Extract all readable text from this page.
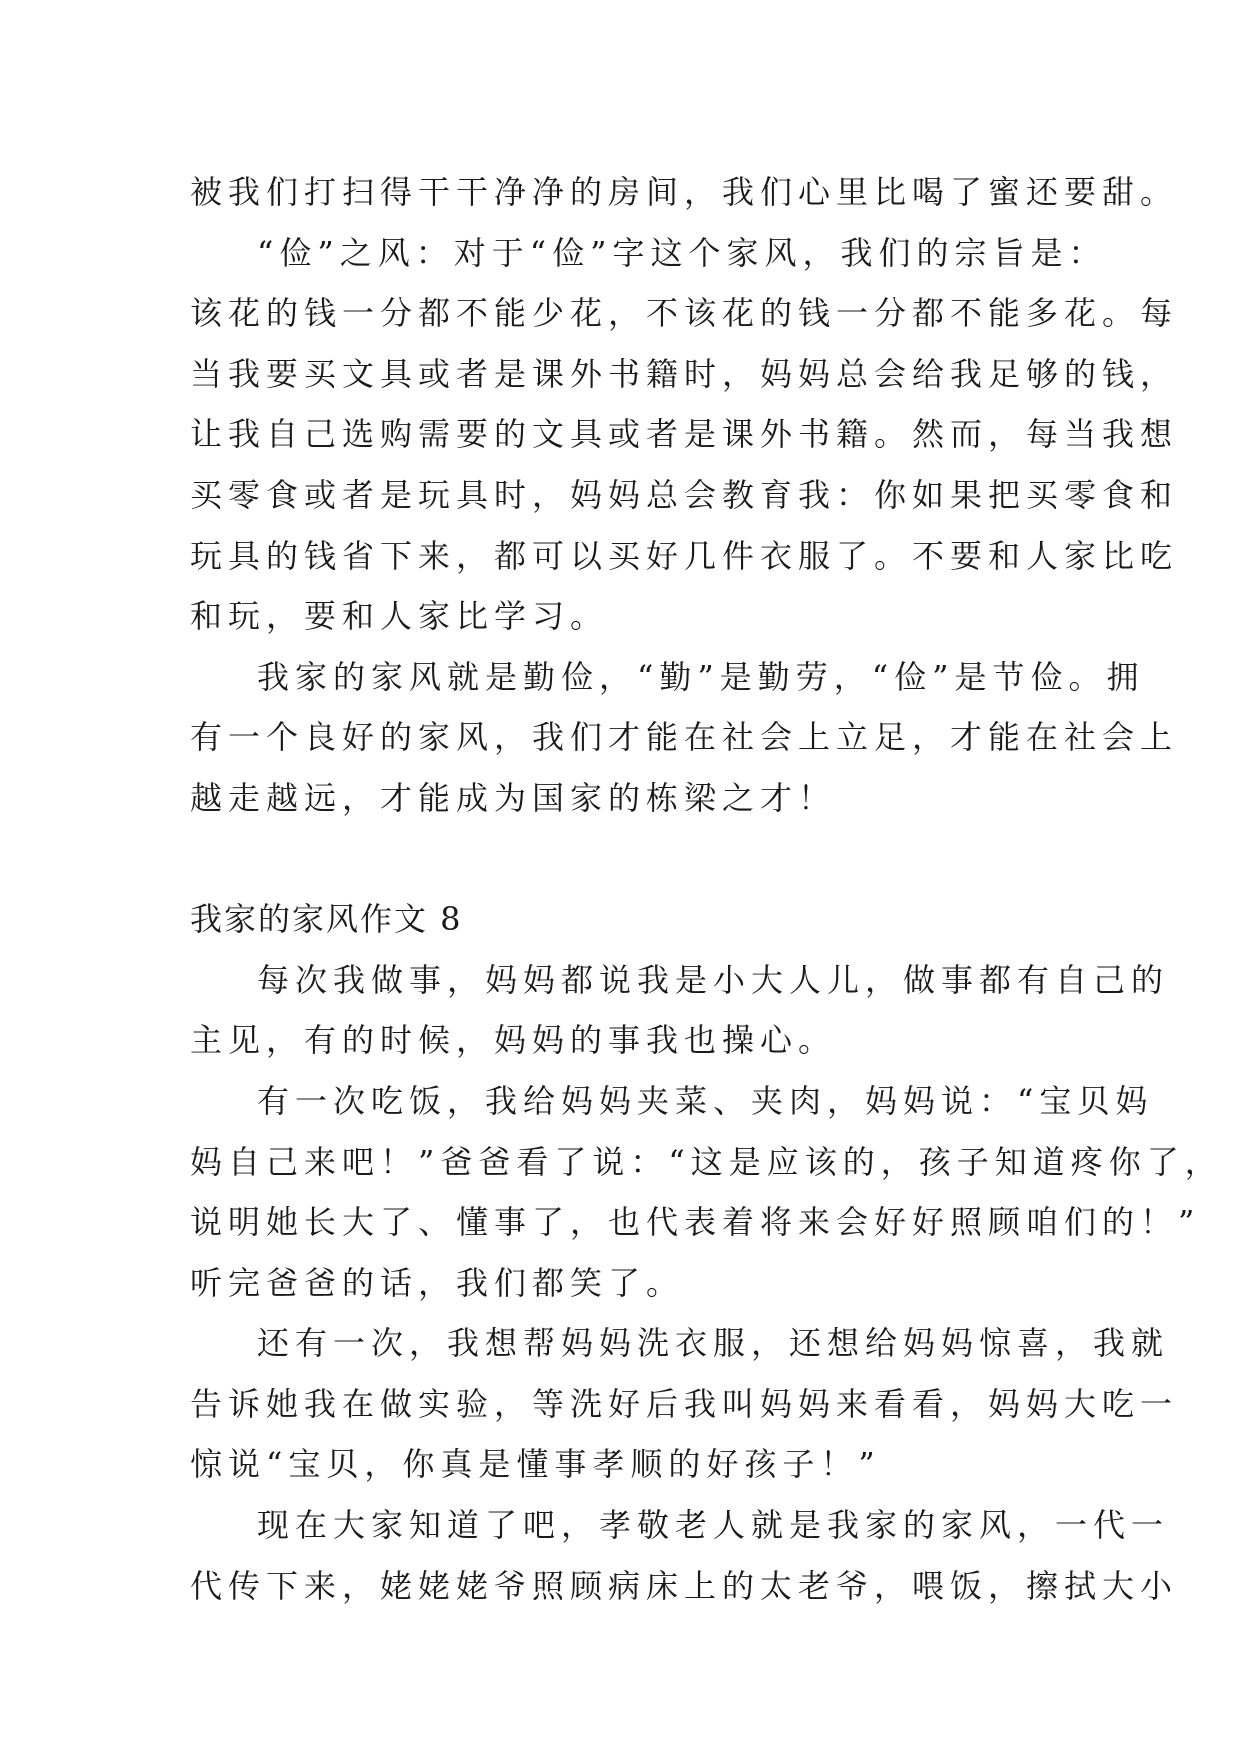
被我们打扫得干干净净的房间，我们心里比喝了蜜还要甜。
“俭”之风：对于“俭”字这个家风，我们的宗旨是：
该花的钱一分都不能少花，不该花的钱一分都不能多花。每
当我要买文具或者是课外书籍时，妈妈总会给我足够的钱，
让我自己选购需要的文具或者是课外书籍。然而，每当我想
买零食或者是玩具时，妈妈总会教育我：你如果把买零食和
玩具的钱省下来，都可以买好几件衣服了。不要和人家比吃
和玩，要和人家比学习。
我家的家风就是勤俭，“勤”是勤劳，“俭”是节俭。拥
有一个良好的家风，我们才能在社会上立足，才能在社会上
越走越远，才能成为国家的栋梁之才！
我家的家风作文 8
每次我做事，妈妈都说我是小大人儿，做事都有自己的
主见，有的时候，妈妈的事我也操心。
有一次吃饭，我给妈妈夹菜、夹肉，妈妈说：“宝贝妈
妈自己来吧！”爸爸看了说：“这是应该的，孩子知道疼你了，
说明她长大了、懂事了，也代表着将来会好好照顾咱们的！”
听完爸爸的话，我们都笑了。
还有一次，我想帮妈妈洗衣服，还想给妈妈惊喜，我就
告诉她我在做实验，等洗好后我叫妈妈来看看，妈妈大吃一
惊说“宝贝，你真是懂事孝顺的好孩子！”
现在大家知道了吧，孝敬老人就是我家的家风，一代一
代传下来，姥姥姥爷照顾病床上的太老爷，喂饭，擦拭大小
